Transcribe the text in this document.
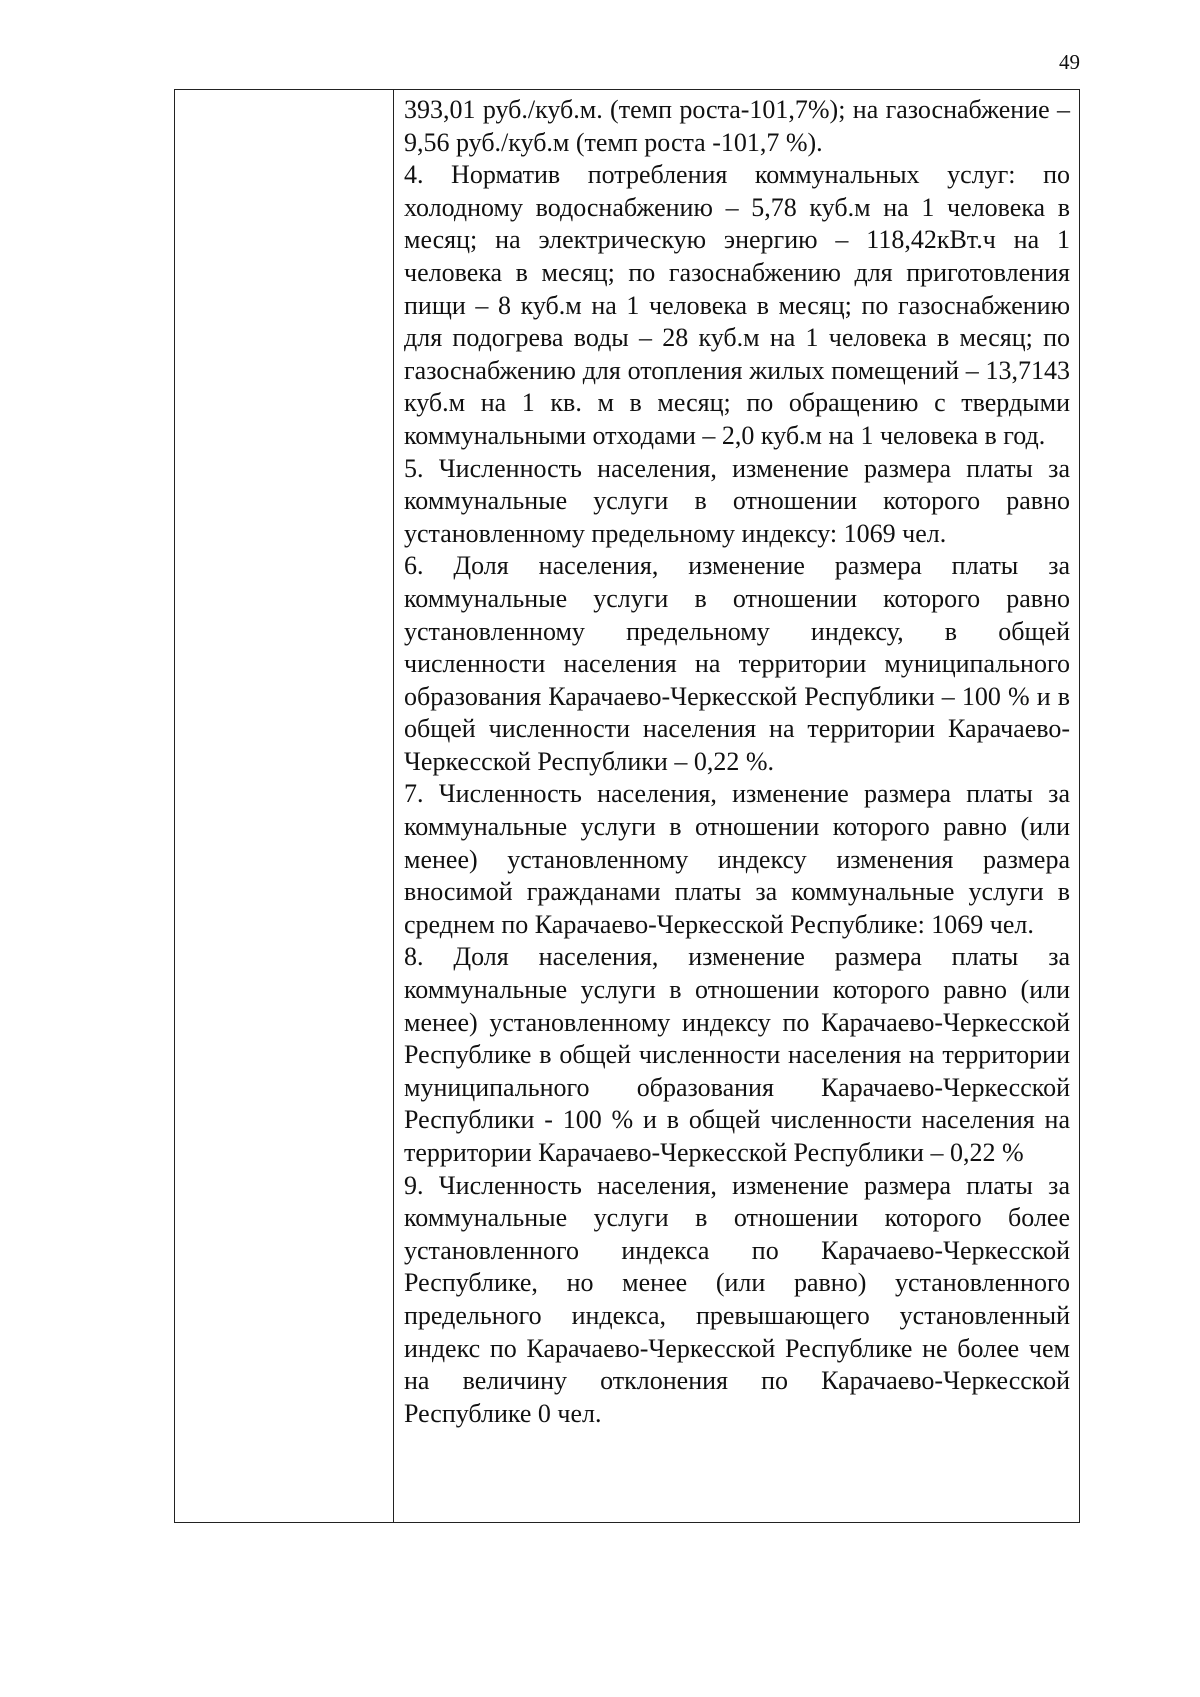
49

393,01 руб./куб.м. (темп роста-101,7%); на газоснабжение – 9,56 руб./куб.м (темп роста -101,7 %).

4. Норматив потребления коммунальных услуг: по холодному водоснабжению – 5,78 куб.м на 1 человека в месяц; на электрическую энергию – 118,42кВт.ч на 1 человека в месяц; по газоснабжению для приготовления пищи – 8 куб.м на 1 человека в месяц; по газоснабжению для подогрева воды – 28 куб.м на 1 человека в месяц; по газоснабжению для отопления жилых помещений – 13,7143 куб.м на 1 кв. м в месяц; по обращению с твердыми коммунальными отходами – 2,0 куб.м на 1 человека в год.

5. Численность населения, изменение размера платы за коммунальные услуги в отношении которого равно установленному предельному индексу: 1069 чел.

6. Доля населения, изменение размера платы за коммунальные услуги в отношении которого равно установленному предельному индексу, в общей численности населения на территории муниципального образования Карачаево-Черкесской Республики – 100 % и в общей численности населения на территории Карачаево-Черкесской Республики – 0,22 %.

7. Численность населения, изменение размера платы за коммунальные услуги в отношении которого равно (или менее) установленному индексу изменения размера вносимой гражданами платы за коммунальные услуги в среднем по Карачаево-Черкесской Республике: 1069 чел.

8. Доля населения, изменение размера платы за коммунальные услуги в отношении которого равно (или менее) установленному индексу по Карачаево-Черкесской Республике в общей численности населения на территории муниципального образования Карачаево-Черкесской Республики - 100 % и в общей численности населения на территории Карачаево-Черкесской Республики – 0,22 %

9. Численность населения, изменение размера платы за коммунальные услуги в отношении которого более установленного индекса по Карачаево-Черкесской Республике, но менее (или равно) установленного предельного индекса, превышающего установленный индекс по Карачаево-Черкесской Республике не более чем на величину отклонения по Карачаево-Черкесской Республике 0 чел.
